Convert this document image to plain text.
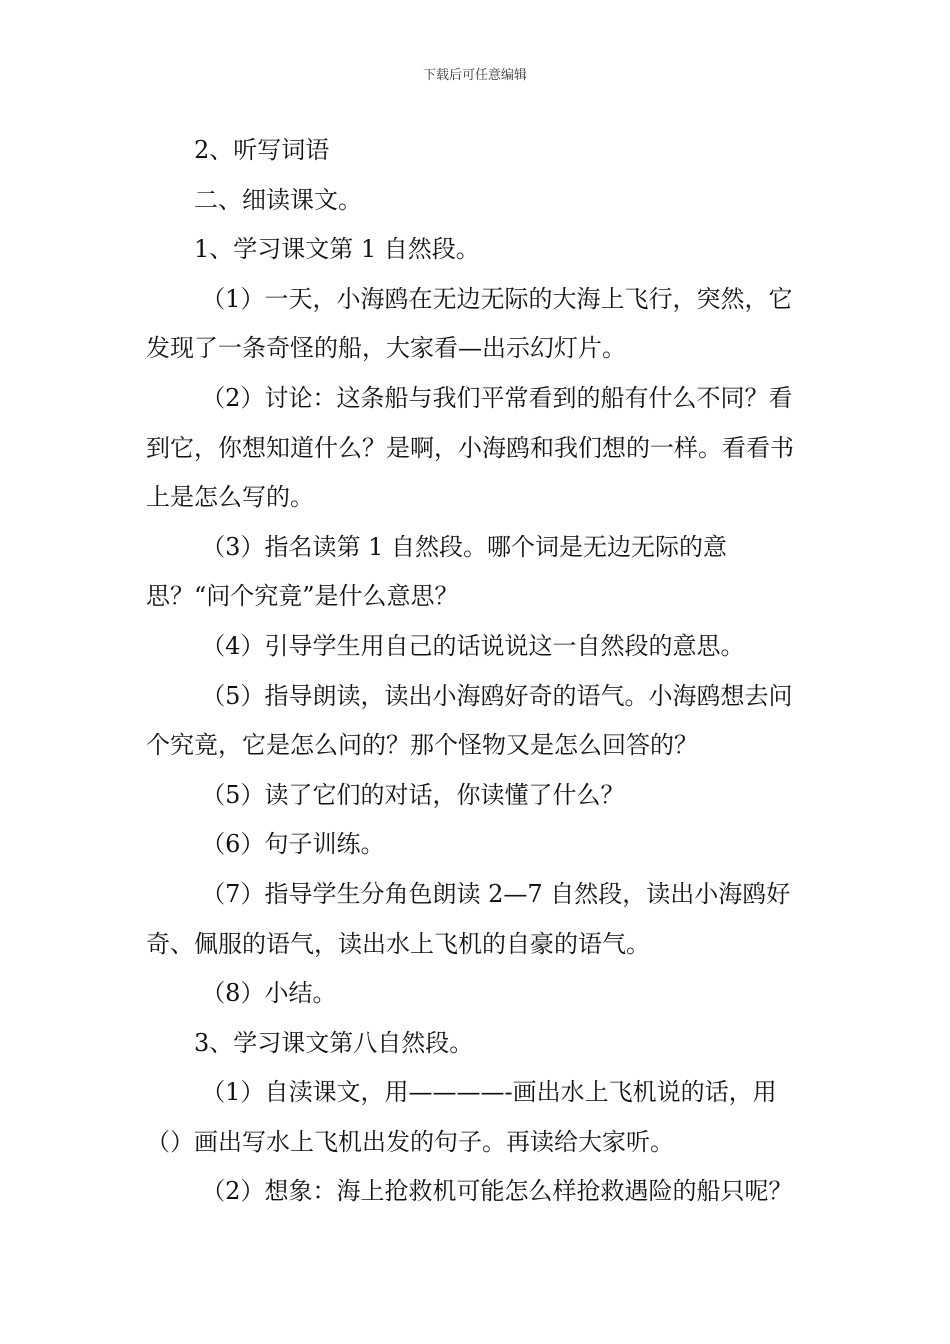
下载后可任意编辑

2、听写词语

二、细读课文。

1、学习课文第 1 自然段。

（1）一天，小海鸥在无边无际的大海上飞行，突然，它发现了一条奇怪的船，大家看—出示幻灯片。

（2）讨论：这条船与我们平常看到的船有什么不同？看到它，你想知道什么？是啊，小海鸥和我们想的一样。看看书上是怎么写的。

（3）指名读第 1 自然段。哪个词是无边无际的意思？“问个究竟”是什么意思？

（4）引导学生用自己的话说说这一自然段的意思。

（5）指导朗读，读出小海鸥好奇的语气。小海鸥想去问个究竟，它是怎么问的？那个怪物又是怎么回答的？

（5）读了它们的对话，你读懂了什么？

（6）句子训练。

（7）指导学生分角色朗读 2—7 自然段，读出小海鸥好奇、佩服的语气，读出水上飞机的自豪的语气。

（8）小结。

3、学习课文第八自然段。

（1）自渎课文，用————-画出水上飞机说的话，用（）画出写水上飞机出发的句子。再读给大家听。

（2）想象：海上抢救机可能怎么样抢救遇险的船只呢？
